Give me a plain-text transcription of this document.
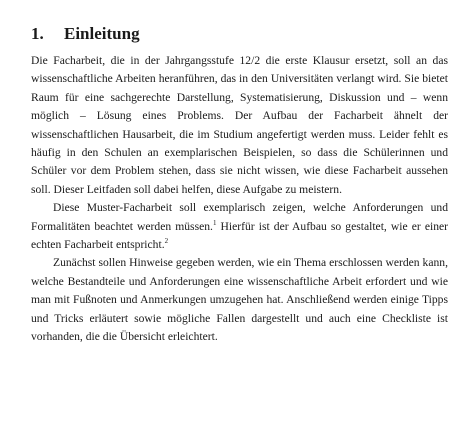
1.	Einleitung

Die Facharbeit, die in der Jahrgangsstufe 12/2 die erste Klausur ersetzt, soll an das wissenschaftliche Arbeiten heranführen, das in den Universitäten verlangt wird. Sie bietet Raum für eine sachgerechte Darstellung, Systematisierung, Diskussion und – wenn möglich – Lösung eines Problems. Der Aufbau der Facharbeit ähnelt der wissenschaftlichen Hausarbeit, die im Studium angefertigt werden muss. Leider fehlt es häufig in den Schulen an exemplarischen Beispielen, so dass die Schülerinnen und Schüler vor dem Problem stehen, dass sie nicht wissen, wie diese Facharbeit aussehen soll. Dieser Leitfaden soll dabei helfen, diese Aufgabe zu meistern.

Diese Muster-Facharbeit soll exemplarisch zeigen, welche Anforderungen und Formalitäten beachtet werden müssen.$^1$ Hierfür ist der Aufbau so gestaltet, wie er einer echten Facharbeit entspricht.$^2$

Zunächst sollen Hinweise gegeben werden, wie ein Thema erschlossen werden kann, welche Bestandteile und Anforderungen eine wissenschaftliche Arbeit erfordert und wie man mit Fußnoten und Anmerkungen umzugehen hat. Anschließend werden einige Tipps und Tricks erläutert sowie mögliche Fallen dargestellt und auch eine Checkliste ist vorhanden, die die Übersicht erleichtert.
